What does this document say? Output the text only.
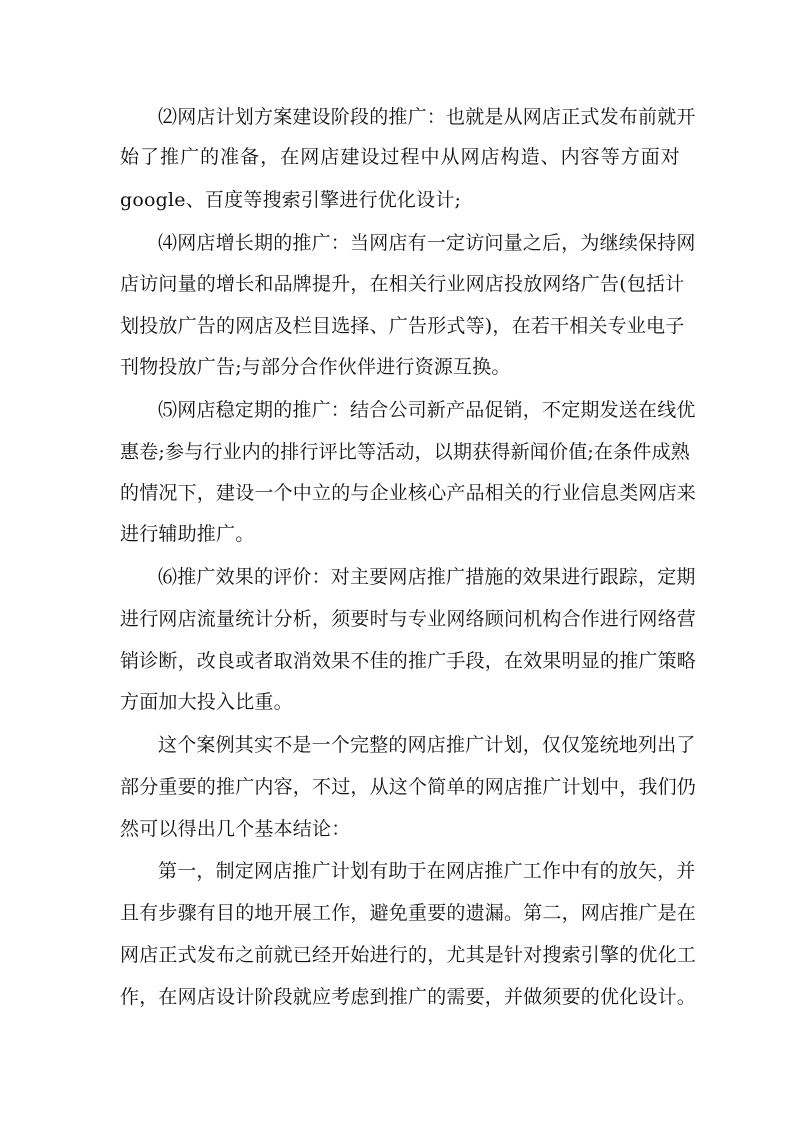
⑵网店计划方案建设阶段的推广：也就是从网店正式发布前就开
始了推广的准备，在网店建设过程中从网店构造、内容等方面对
google、百度等搜索引擎进行优化设计;
⑷网店增长期的推广：当网店有一定访问量之后，为继续保持网
店访问量的增长和品牌提升，在相关行业网店投放网络广告(包括计
划投放广告的网店及栏目选择、广告形式等)，在若干相关专业电子
刊物投放广告;与部分合作伙伴进行资源互换。
⑸网店稳定期的推广：结合公司新产品促销，不定期发送在线优
惠卷;参与行业内的排行评比等活动，以期获得新闻价值;在条件成熟
的情况下，建设一个中立的与企业核心产品相关的行业信息类网店来
进行辅助推广。
⑹推广效果的评价：对主要网店推广措施的效果进行跟踪，定期
进行网店流量统计分析，须要时与专业网络顾问机构合作进行网络营
销诊断，改良或者取消效果不佳的推广手段，在效果明显的推广策略
方面加大投入比重。
这个案例其实不是一个完整的网店推广计划，仅仅笼统地列出了
部分重要的推广内容，不过，从这个简单的网店推广计划中，我们仍
然可以得出几个基本结论：
第一，制定网店推广计划有助于在网店推广工作中有的放矢，并
且有步骤有目的地开展工作，避免重要的遗漏。第二，网店推广是在
网店正式发布之前就已经开始进行的，尤其是针对搜索引擎的优化工
作，在网店设计阶段就应考虑到推广的需要，并做须要的优化设计。
